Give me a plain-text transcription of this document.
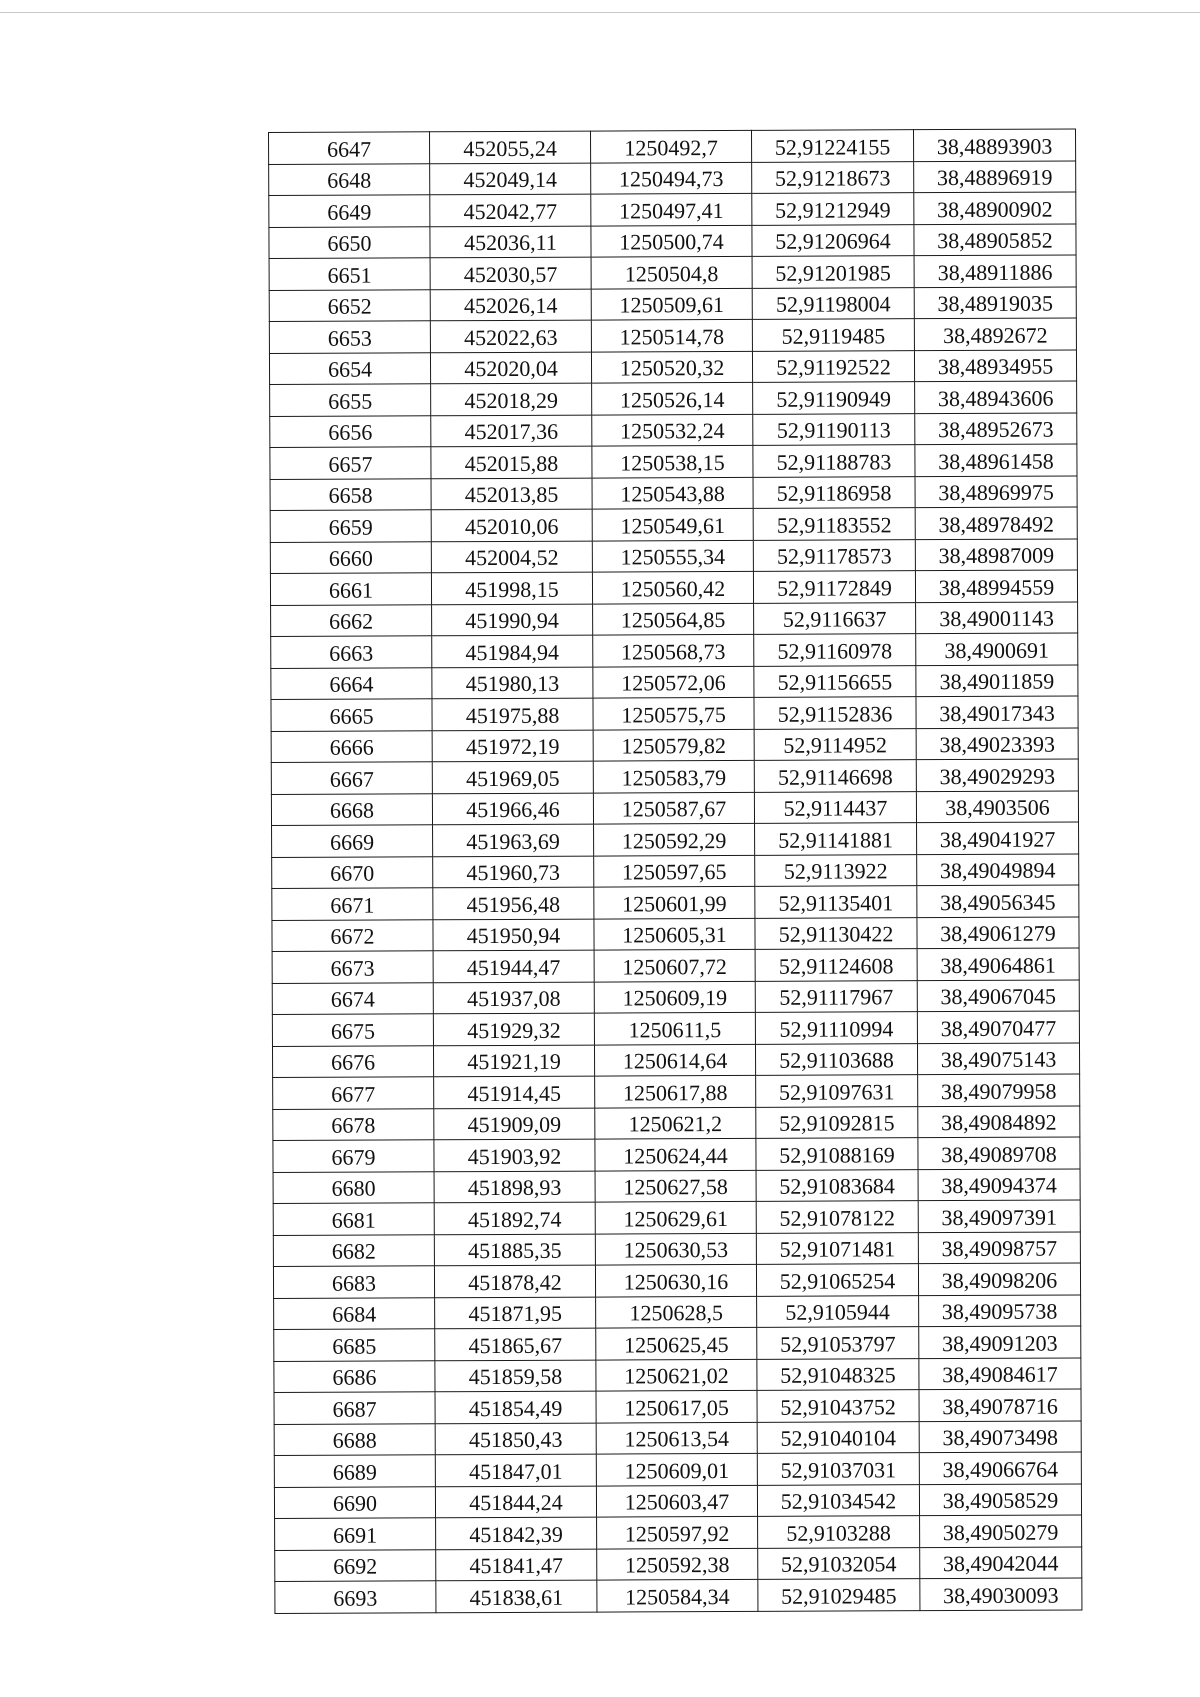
6647	452055,24	1250492,7	52,91224155	38,48893903
6648	452049,14	1250494,73	52,91218673	38,48896919
6649	452042,77	1250497,41	52,91212949	38,48900902
6650	452036,11	1250500,74	52,91206964	38,48905852
6651	452030,57	1250504,8	52,91201985	38,48911886
6652	452026,14	1250509,61	52,91198004	38,48919035
6653	452022,63	1250514,78	52,9119485	38,4892672
6654	452020,04	1250520,32	52,91192522	38,48934955
6655	452018,29	1250526,14	52,91190949	38,48943606
6656	452017,36	1250532,24	52,91190113	38,48952673
6657	452015,88	1250538,15	52,91188783	38,48961458
6658	452013,85	1250543,88	52,91186958	38,48969975
6659	452010,06	1250549,61	52,91183552	38,48978492
6660	452004,52	1250555,34	52,91178573	38,48987009
6661	451998,15	1250560,42	52,91172849	38,48994559
6662	451990,94	1250564,85	52,9116637	38,49001143
6663	451984,94	1250568,73	52,91160978	38,4900691
6664	451980,13	1250572,06	52,91156655	38,49011859
6665	451975,88	1250575,75	52,91152836	38,49017343
6666	451972,19	1250579,82	52,9114952	38,49023393
6667	451969,05	1250583,79	52,91146698	38,49029293
6668	451966,46	1250587,67	52,9114437	38,4903506
6669	451963,69	1250592,29	52,91141881	38,49041927
6670	451960,73	1250597,65	52,9113922	38,49049894
6671	451956,48	1250601,99	52,91135401	38,49056345
6672	451950,94	1250605,31	52,91130422	38,49061279
6673	451944,47	1250607,72	52,91124608	38,49064861
6674	451937,08	1250609,19	52,91117967	38,49067045
6675	451929,32	1250611,5	52,91110994	38,49070477
6676	451921,19	1250614,64	52,91103688	38,49075143
6677	451914,45	1250617,88	52,91097631	38,49079958
6678	451909,09	1250621,2	52,91092815	38,49084892
6679	451903,92	1250624,44	52,91088169	38,49089708
6680	451898,93	1250627,58	52,91083684	38,49094374
6681	451892,74	1250629,61	52,91078122	38,49097391
6682	451885,35	1250630,53	52,91071481	38,49098757
6683	451878,42	1250630,16	52,91065254	38,49098206
6684	451871,95	1250628,5	52,9105944	38,49095738
6685	451865,67	1250625,45	52,91053797	38,49091203
6686	451859,58	1250621,02	52,91048325	38,49084617
6687	451854,49	1250617,05	52,91043752	38,49078716
6688	451850,43	1250613,54	52,91040104	38,49073498
6689	451847,01	1250609,01	52,91037031	38,49066764
6690	451844,24	1250603,47	52,91034542	38,49058529
6691	451842,39	1250597,92	52,9103288	38,49050279
6692	451841,47	1250592,38	52,91032054	38,49042044
6693	451838,61	1250584,34	52,91029485	38,49030093
